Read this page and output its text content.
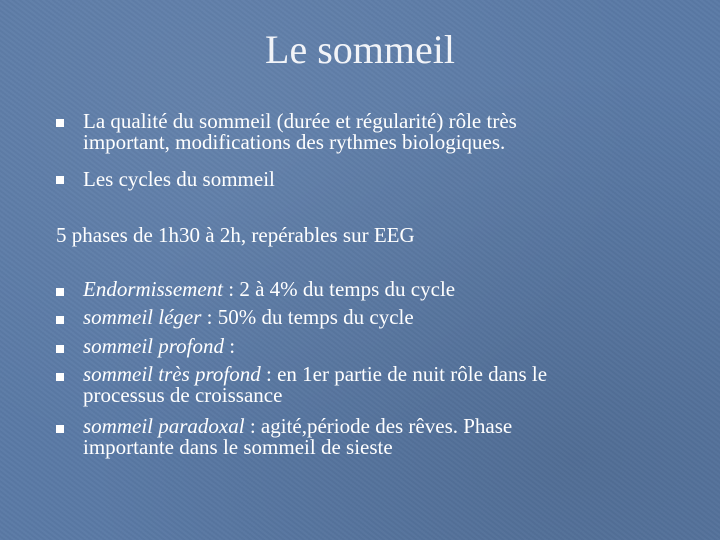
Le sommeil
La qualité du sommeil (durée et régularité) rôle très
important, modifications des rythmes biologiques.
Les cycles du sommeil
5 phases de 1h30 à 2h, repérables sur EEG
Endormissement : 2 à 4% du temps du cycle
sommeil léger : 50% du temps du cycle
sommeil profond :
sommeil très profond : en 1er partie de nuit rôle dans le
processus de croissance
sommeil paradoxal : agité,période des rêves. Phase
importante dans le sommeil de sieste
